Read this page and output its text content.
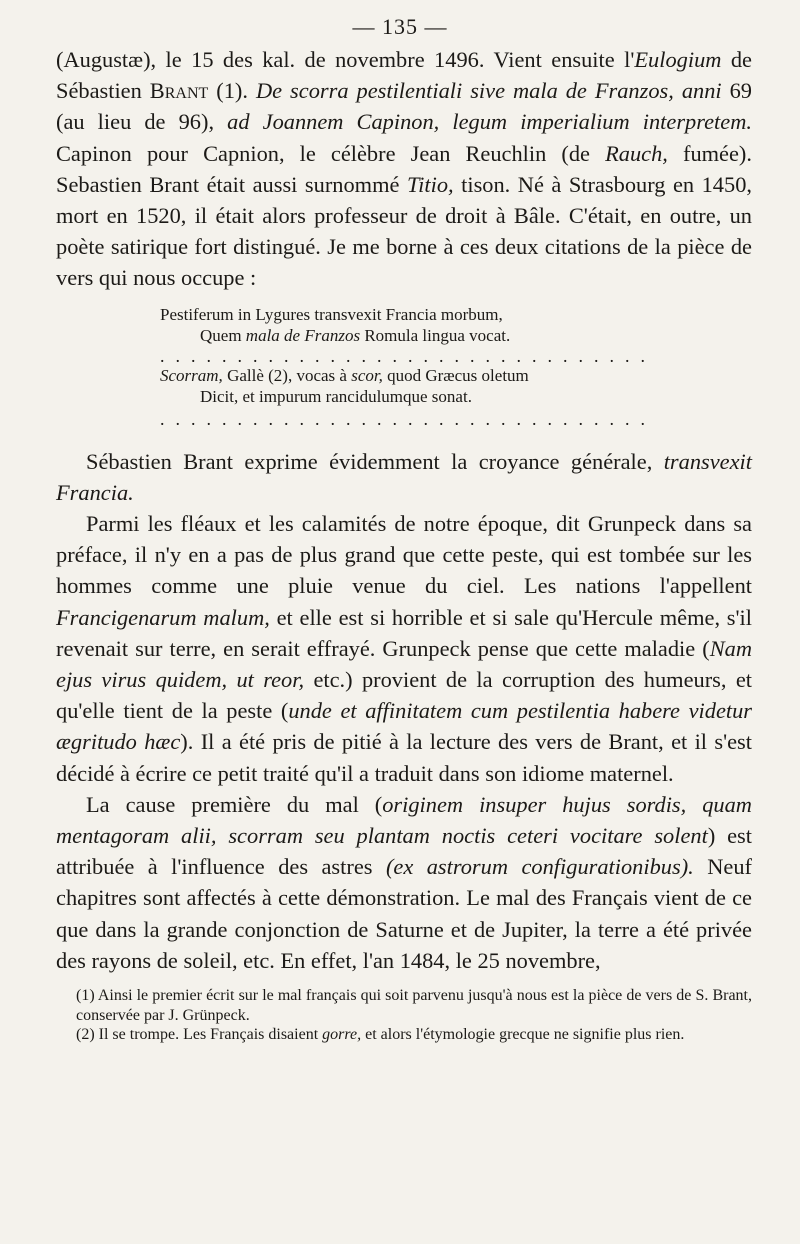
— 135 —

(Augustæ), le 15 des kal. de novembre 1496. Vient ensuite l'Eulogium de Sébastien Brant (1). De scorra pestilentiali sive mala de Franzos, anni 69 (au lieu de 96), ad Joannem Capinon, legum imperialium interpretem. Capinon pour Capnion, le célèbre Jean Reuchlin (de Rauch, fumée). Sebastien Brant était aussi surnommé Titio, tison. Né à Strasbourg en 1450, mort en 1520, il était alors professeur de droit à Bâle. C'était, en outre, un poète satirique fort distingué. Je me borne à ces deux citations de la pièce de vers qui nous occupe :

Pestiferum in Lygures transvexit Francia morbum,
Quem mala de Franzos Romula lingua vocat.
................................
Scorram, Gallè (2), vocas à scor, quod Græcus oletum
Dicit, et impurum rancidulumque sonat.
................................

Sébastien Brant exprime évidemment la croyance générale, transvexit Francia.

Parmi les fléaux et les calamités de notre époque, dit Grunpeck dans sa préface, il n'y en a pas de plus grand que cette peste, qui est tombée sur les hommes comme une pluie venue du ciel. Les nations l'appellent Francigenarum malum, et elle est si horrible et si sale qu'Hercule même, s'il revenait sur terre, en serait effrayé. Grunpeck pense que cette maladie (Nam ejus virus quidem, ut reor, etc.) provient de la corruption des humeurs, et qu'elle tient de la peste (unde et affinitatem cum pestilentia habere videtur ægritudo hæc). Il a été pris de pitié à la lecture des vers de Brant, et il s'est décidé à écrire ce petit traité qu'il a traduit dans son idiome maternel.

La cause première du mal (originem insuper hujus sordis, quam mentagoram alii, scorram seu plantam noctis ceteri vocitare solent) est attribuée à l'influence des astres (ex astrorum configurationibus). Neuf chapitres sont affectés à cette démonstration. Le mal des Français vient de ce que dans la grande conjonction de Saturne et de Jupiter, la terre a été privée des rayons de soleil, etc. En effet, l'an 1484, le 25 novembre,

(1) Ainsi le premier écrit sur le mal français qui soit parvenu jusqu'à nous est la pièce de vers de S. Brant, conservée par J. Grünpeck.

(2) Il se trompe. Les Français disaient gorre, et alors l'étymologie grecque ne signifie plus rien.
